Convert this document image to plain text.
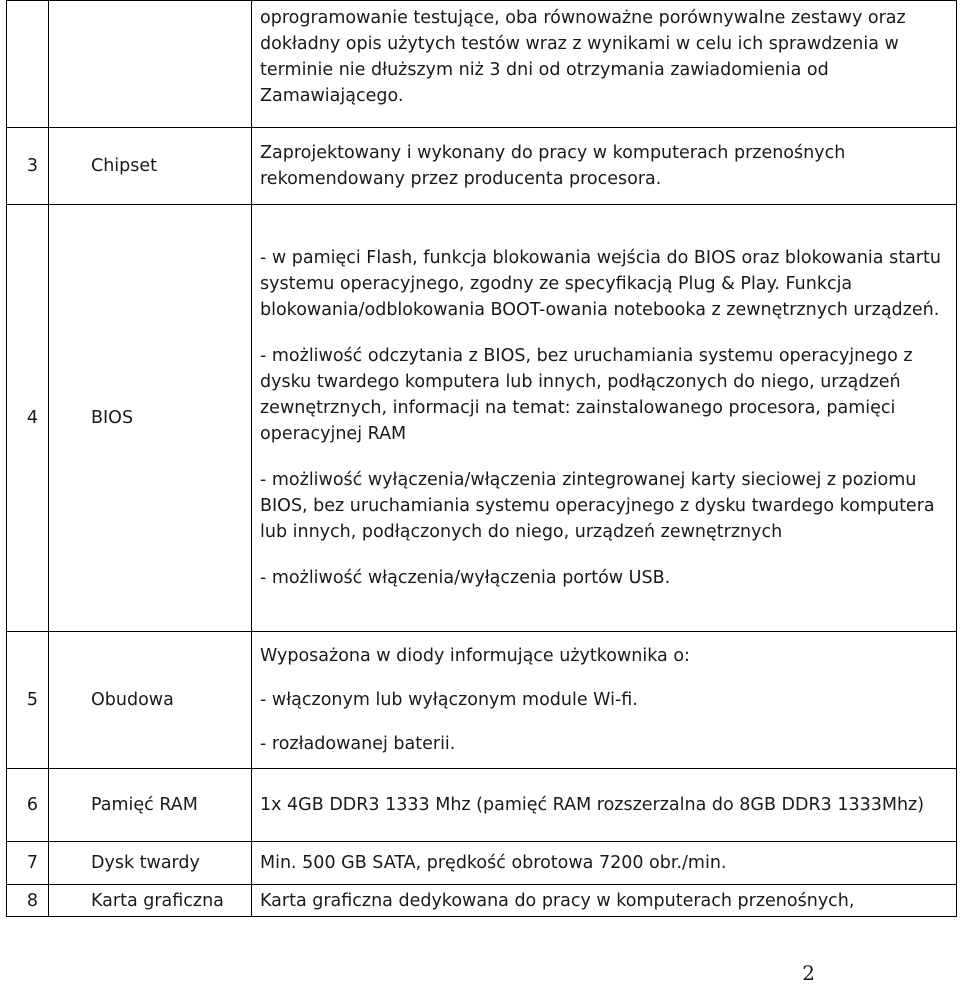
		oprogramowanie testujące, oba równoważne porównywalne zestawy oraz dokładny opis użytych testów wraz z wynikami w celu ich sprawdzenia w terminie nie dłuższym niż 3 dni od otrzymania zawiadomienia od Zamawiającego.

3	Chipset	Zaprojektowany i wykonany do pracy w komputerach przenośnych rekomendowany przez producenta procesora.

4	BIOS	- w pamięci Flash, funkcja blokowania wejścia do BIOS oraz blokowania startu systemu operacyjnego, zgodny ze specyfikacją Plug & Play. Funkcja blokowania/odblokowania BOOT-owania notebooka z zewnętrznych urządzeń.

- możliwość odczytania z BIOS, bez uruchamiania systemu operacyjnego z dysku twardego komputera lub innych, podłączonych do niego, urządzeń zewnętrznych, informacji na temat: zainstalowanego procesora, pamięci operacyjnej RAM

- możliwość wyłączenia/włączenia zintegrowanej karty sieciowej z poziomu BIOS, bez uruchamiania systemu operacyjnego z dysku twardego komputera lub innych, podłączonych do niego, urządzeń zewnętrznych

- możliwość włączenia/wyłączenia portów USB.

5	Obudowa	Wyposażona w diody informujące użytkownika o:

- włączonym lub wyłączonym module Wi-fi.

- rozładowanej baterii.

6	Pamięć RAM	1x 4GB DDR3 1333 Mhz (pamięć RAM rozszerzalna do 8GB DDR3 1333Mhz)

7	Dysk twardy	Min. 500 GB SATA, prędkość obrotowa 7200 obr./min.

8	Karta graficzna	Karta graficzna dedykowana do pracy w komputerach przenośnych,

2
